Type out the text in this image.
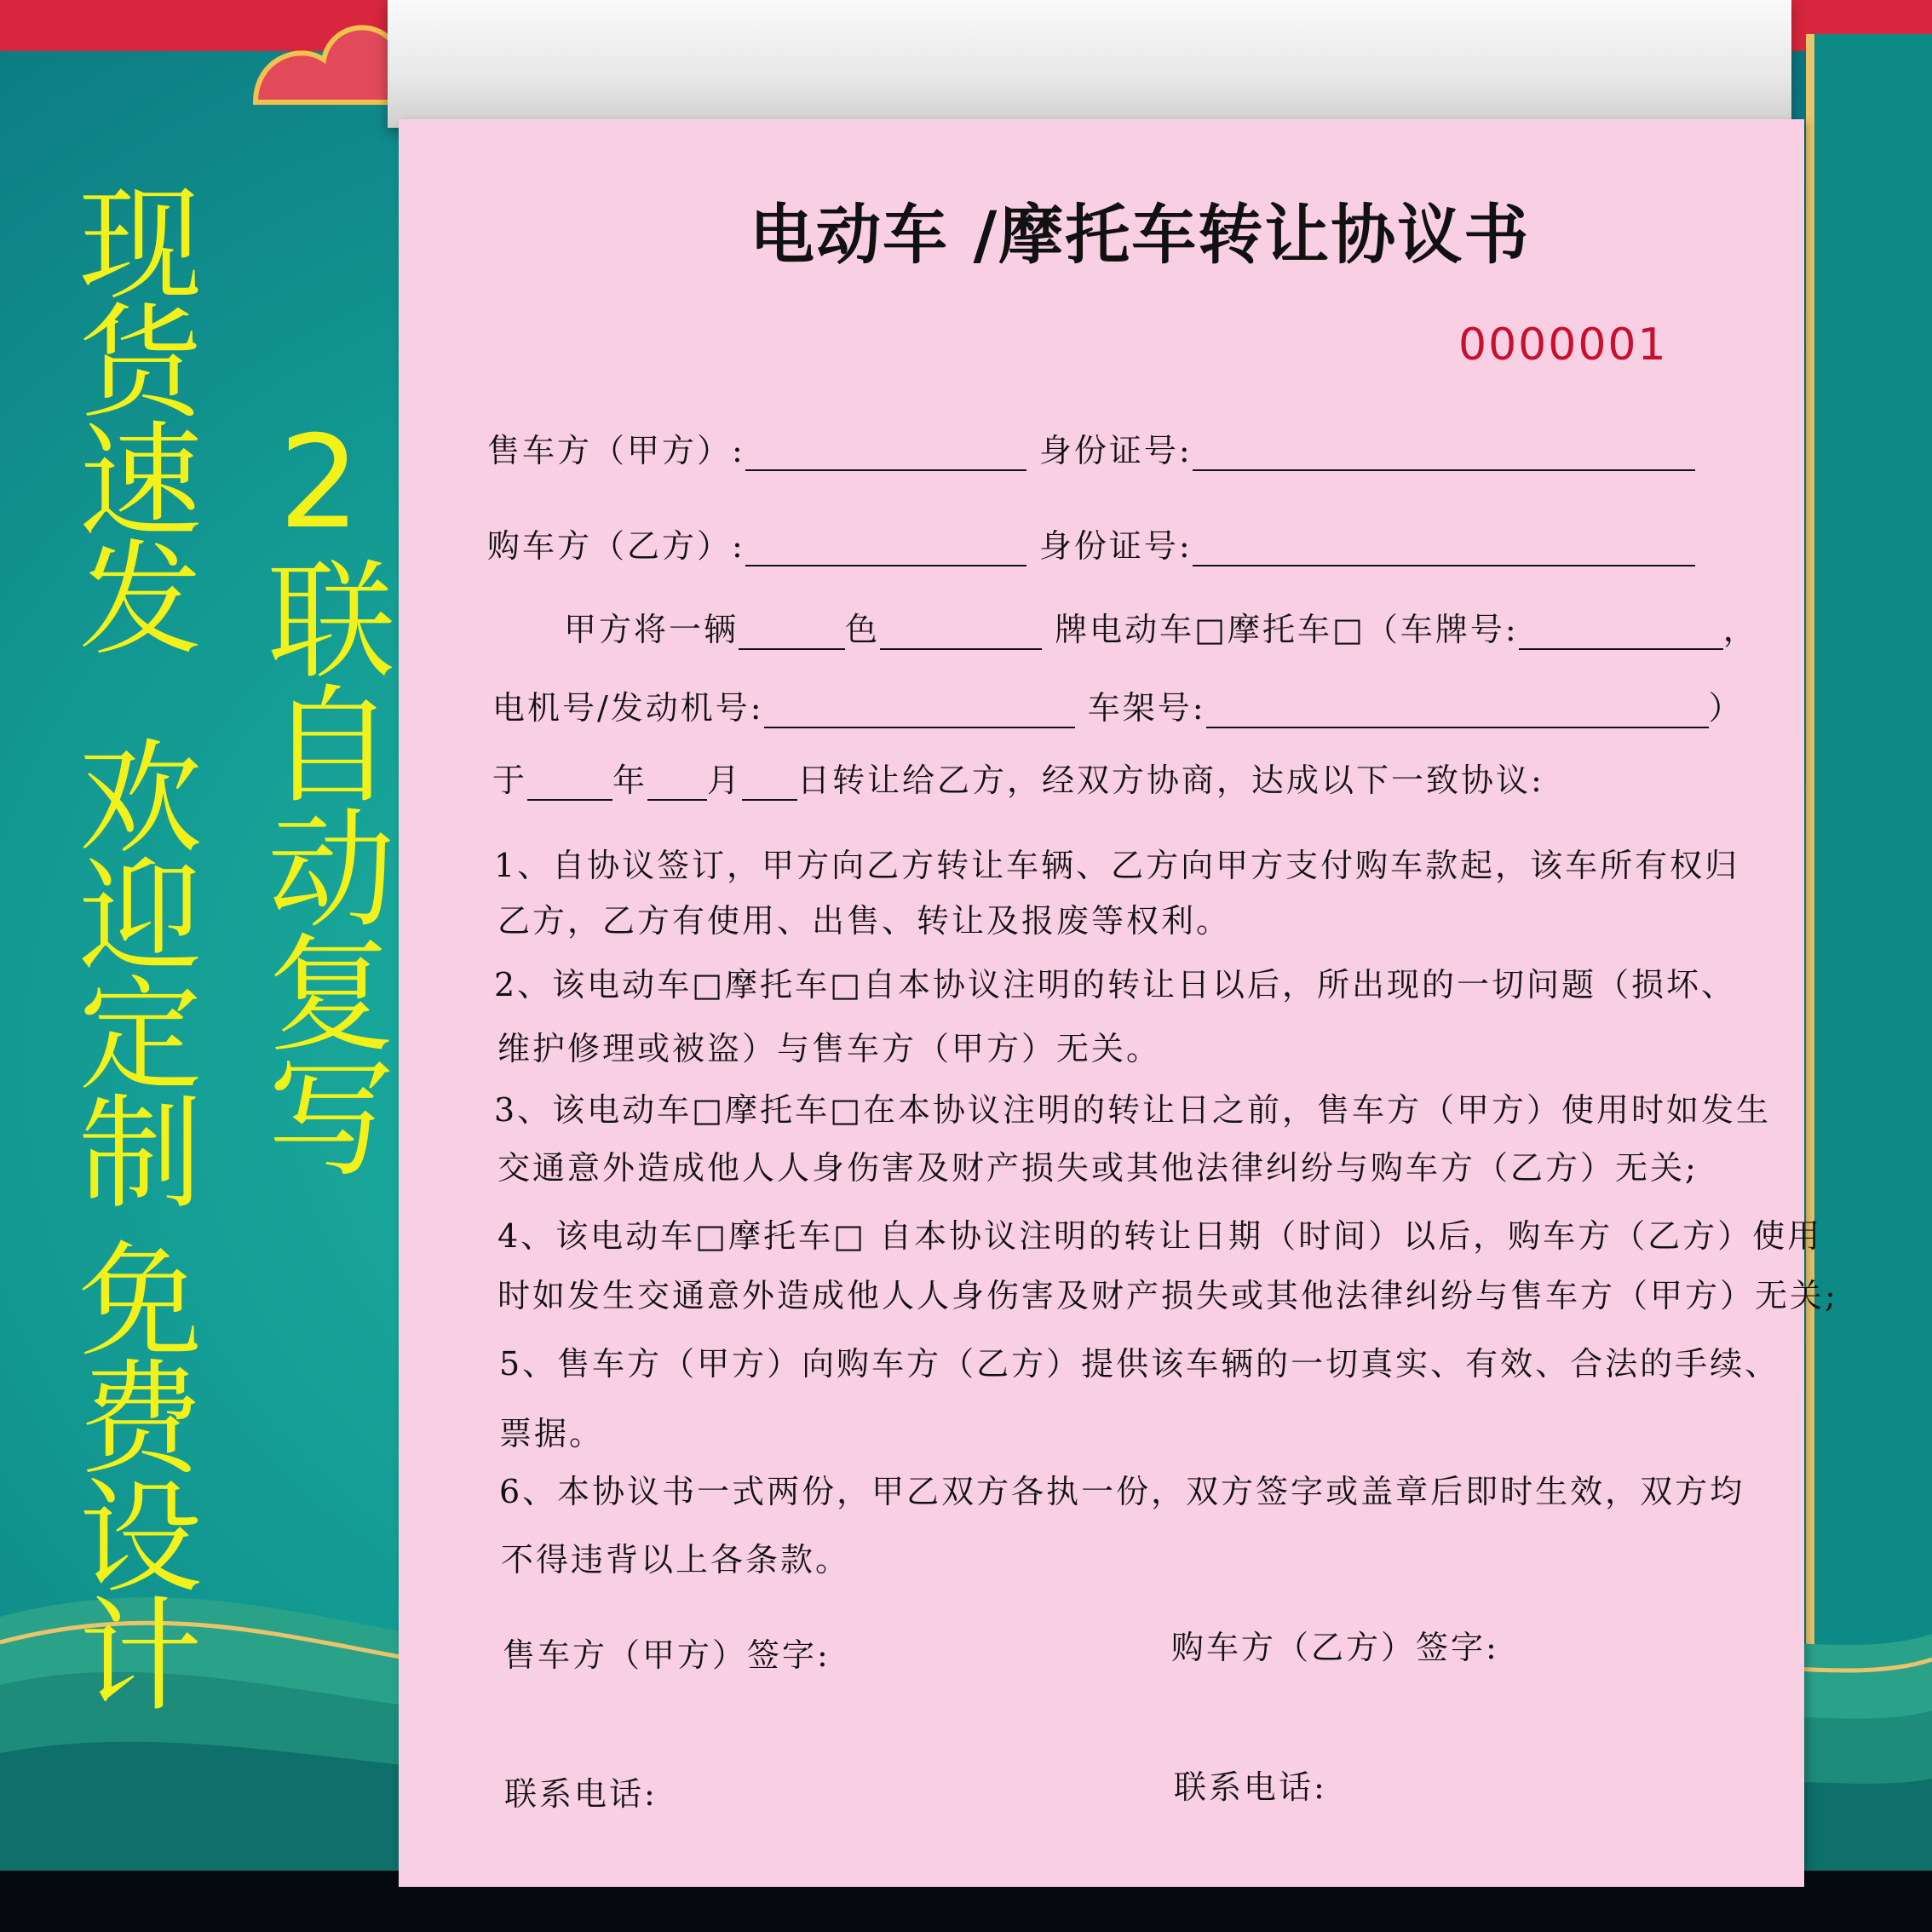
现货速发
欢迎定制
免费设计
2联自动复写
电动车 /摩托车转让协议书
0000001
售车方（甲方）:	身份证号:
购车方（乙方）:	身份证号:
甲方将一辆	色	牌电动车□摩托车□（车牌号:	，
电机号/发动机号:	车架号:	）
于	年 月 日转让给乙方，经双方协商，达成以下一致协议:
1、自协议签订，甲方向乙方转让车辆、乙方向甲方支付购车款起，该车所有权归
乙方，乙方有使用、出售、转让及报废等权利。
2、该电动车□摩托车□自本协议注明的转让日以后，所出现的一切问题（损坏、
维护修理或被盗）与售车方（甲方）无关。
3、该电动车□摩托车□在本协议注明的转让日之前，售车方（甲方）使用时如发生
交通意外造成他人人身伤害及财产损失或其他法律纠纷与购车方（乙方）无关;
4、该电动车□摩托车□ 自本协议注明的转让日期（时间）以后，购车方（乙方）使用
时如发生交通意外造成他人人身伤害及财产损失或其他法律纠纷与售车方（甲方）无关;
5、售车方（甲方）向购车方（乙方）提供该车辆的一切真实、有效、合法的手续、
票据。
6、本协议书一式两份，甲乙双方各执一份，双方签字或盖章后即时生效，双方均
不得违背以上各条款。
售车方（甲方）签字:	购车方（乙方）签字:
联系电话:	联系电话:
